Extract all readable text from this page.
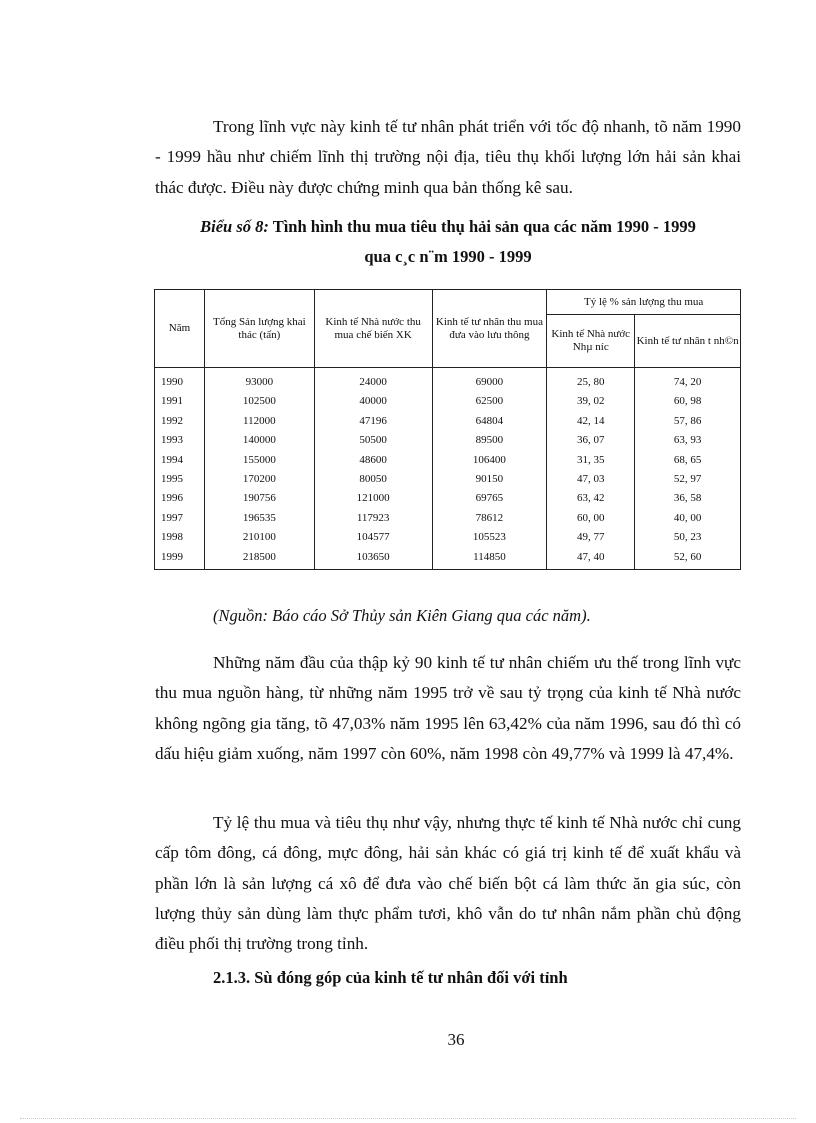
Trong lĩnh vực này kinh tế tư nhân phát triển với tốc độ nhanh, tõ năm 1990 - 1999 hầu như chiếm lĩnh thị trường nội địa, tiêu thụ khối lượng lớn hải sản khai thác được. Điều này được chứng minh qua bản thống kê sau.

Biểu số 8: Tình hình thu mua tiêu thụ hải sản qua các năm 1990 - 1999
qua c¸c n¨m 1990 - 1999
Năm	Tổng Sản lượng khai thác (tấn)	Kinh tế Nhà nước thu mua chế biến XK	Kinh tế tư nhân thu mua đưa vào lưu thông	Tỷ lệ % sản lượng thu mua	
				Kinh tế Nhà nước Nhµ níc	Kinh tế tư nhân t nh©n
1990	93000	24000	69000	25, 80	74, 20
1991	102500	40000	62500	39, 02	60, 98
1992	112000	47196	64804	42, 14	57, 86
1993	140000	50500	89500	36, 07	63, 93
1994	155000	48600	106400	31, 35	68, 65
1995	170200	80050	90150	47, 03	52, 97
1996	190756	121000	69765	63, 42	36, 58
1997	196535	117923	78612	60, 00	40, 00
1998	210100	104577	105523	49, 77	50, 23
1999	218500	103650	114850	47, 40	52, 60

(Nguồn: Báo cáo Sở Thủy sản Kiên Giang qua các năm).

Những năm đầu của thập kỷ 90 kinh tế tư nhân chiếm ưu thế trong lĩnh vực thu mua nguồn hàng, từ những năm 1995 trở về sau tỷ trọng của kinh tế Nhà nước không ngõng gia tăng, tõ 47,03% năm 1995 lên 63,42% của năm 1996, sau đó thì có dấu hiệu giảm xuống, năm 1997 còn 60%, năm 1998 còn 49,77% và 1999 là 47,4%.

Tỷ lệ thu mua và tiêu thụ như vậy, nhưng thực tế kinh tế Nhà nước chỉ cung cấp tôm đông, cá đông, mực đông, hải sản khác có giá trị kinh tế để xuất khẩu và phần lớn là sản lượng cá xô để đưa vào chế biến bột cá làm thức ăn gia súc, còn lượng thủy sản dùng làm thực phẩm tươi, khô vẫn do tư nhân nắm phần chủ động điều phối thị trường trong tỉnh.

2.1.3. Sù đóng góp của kinh tế tư nhân đối với tỉnh

36
